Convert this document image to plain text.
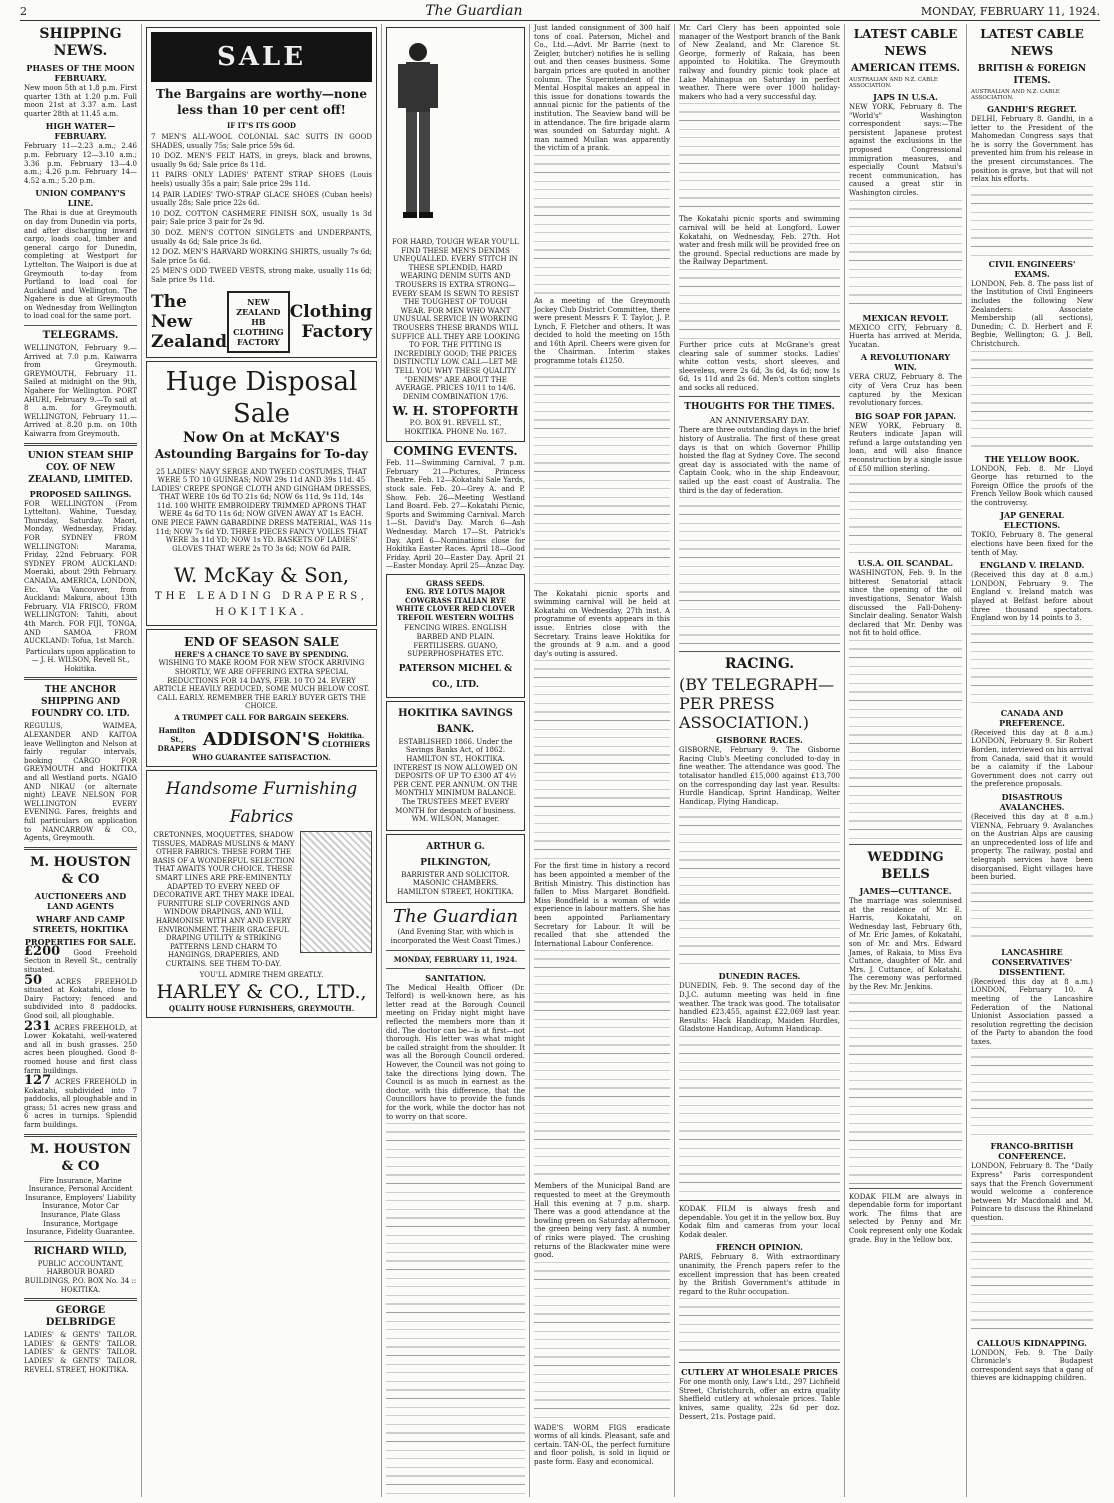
2	The Guardian	MONDAY, FEBRUARY 11, 1924.
SHIPPING NEWS.
PHASES OF THE MOON FEBRUARY.

New moon 5th at 1.8 p.m. First quarter 13th at 1.20 p.m. Full moon 21st at 3.37 a.m. Last quarter 28th at 11.45 a.m.

HIGH WATER—FEBRUARY.

February 11—2.23 a.m.; 2.46 p.m. February 12—3.10 a.m.; 3.36 p.m. February 13—4.0 a.m.; 4.26 p.m. February 14—4.52 a.m.; 5.20 p.m.

UNION COMPANY'S LINE.

The Rhai is due at Greymouth on day from Dunedin via ports, and after discharging inward cargo, loads coal, timber and general cargo for Dunedin, completing at Westport for Lyttelton. The Waipori is due at Greymouth to-day from Portland to load coal for Auckland and Wellington. The Ngahere is due at Greymouth on Wednesday from Wellington to load coal for the same port.

TELEGRAMS.

WELLINGTON, February 9.—Arrived at 7.0 p.m. Kaiwarra from Greymouth. GREYMOUTH, February 11. Sailed at midnight on the 9th, Ngahere for Wellington. PORT AHURI, February 9.—To sail at 8 a.m. for Greymouth. WELLINGTON, February 11.—Arrived at 8.20 p.m. on 10th Kaiwarra from Greymouth.

UNION STEAM SHIP COY. OF NEW ZEALAND, LIMITED.
PROPOSED SAILINGS.

FOR WELLINGTON (From Lyttelton). Wahine, Tuesday, Thursday, Saturday. Maori, Monday, Wednesday, Friday. FOR SYDNEY FROM WELLINGTON: Marama, Friday, 22nd February. FOR SYDNEY FROM AUCKLAND: Moeraki, about 29th February. CANADA, AMERICA, LONDON, Etc. Via Vancouver, from Auckland: Makura, about 13th February. VIA FRISCO, FROM WELLINGTON: Tahiti, about 4th March. FOR FIJI, TONGA, AND SAMOA FROM AUCKLAND: Tofua, 1st March.

Particulars upon application to— J. H. WILSON, Revell St., Hokitika.

THE ANCHOR SHIPPING AND FOUNDRY CO. LTD.

REGULUS, WAIMEA, ALEXANDER AND KAITOA leave Wellington and Nelson at fairly regular intervals, booking CARGO FOR GREYMOUTH and HOKITIKA and all Westland ports. NGAIO AND NIKAU (or alternate night) LEAVE NELSON FOR WELLINGTON EVERY EVENING. Fares, freights and full particulars on application to NANCARROW & CO., Agents, Greymouth.

M. HOUSTON & CO
AUCTIONEERS AND LAND AGENTS
WHARF AND CAMP STREETS, HOKITIKA
PROPERTIES FOR SALE.

£200 Good Freehold Section in Revell St., centrally situated.

50 ACRES FREEHOLD situated at Kokatahi, close to Dairy Factory; fenced and subdivided into 8 paddocks. Good soil, all ploughable.

231 ACRES FREEHOLD, at Lower Kokatahi, well-watered and all in bush grasses. 250 acres been ploughed. Good 8-roomed house and first class farm buildings.

127 ACRES FREEHOLD in Kokatahi, subdivided into 7 paddocks, all ploughable and in grass; 51 acres new grass and 6 acres in turnips. Splendid farm buildings.

M. HOUSTON & CO

Fire Insurance, Marine Insurance, Personal Accident Insurance, Employers' Liability Insurance, Motor Car Insurance, Plate Glass Insurance, Mortgage Insurance, Fidelity Guarantee.

RICHARD WILD,

PUBLIC ACCOUNTANT, HARBOUR BOARD BUILDINGS, P.O. BOX No. 34 :: HOKITIKA.

GEORGE DELBRIDGE

LADIES' & GENTS' TAILOR. LADIES' & GENTS' TAILOR. LADIES' & GENTS' TAILOR. LADIES' & GENTS' TAILOR. REVELL STREET, HOKITIKA.

SALE
The Bargains are worthy—none less than 10 per cent off!
IF IT'S ITS GOOD

7 MEN'S ALL-WOOL COLONIAL SAC SUITS IN GOOD SHADES, usually 75s; Sale price 59s 6d.

10 DOZ. MEN'S FELT HATS, in greys, black and browns, usually 9s 6d; Sale price 8s 11d.

11 PAIRS ONLY LADIES' PATENT STRAP SHOES (Louis heels) usually 35s a pair; Sale price 29s 11d.

14 PAIR LADIES' TWO-STRAP GLACE SHOES (Cuban heels) usually 28s; Sale price 22s 6d.

10 DOZ. COTTON CASHMERE FINISH SOX, usually 1s 3d pair; Sale price 3 pair for 2s 9d.

30 DOZ. MEN'S COTTON SINGLETS and UNDERPANTS, usually 4s 6d; Sale price 3s 6d.

12 DOZ. MEN'S HARVARD WORKING SHIRTS, usually 7s 6d; Sale price 5s 6d.

25 MEN'S ODD TWEED VESTS, strong make, usually 11s 6d; Sale price 9s 11d.

The New
Zealand
NEW ZEALAND HB CLOTHING FACTORY
Clothing
Factory
Huge Disposal
Sale
Now On at McKAY'S
Astounding Bargains for To-day

25 LADIES' NAVY SERGE AND TWEED COSTUMES, THAT WERE 5 TO 10 GUINEAS; NOW 29s 11d AND 39s 11d. 45 LADIES' CREPE SPONGE CLOTH AND GINGHAM DRESSES, THAT WERE 10s 6d TO 21s 6d; NOW 6s 11d, 9s 11d, 14s 11d. 100 WHITE EMBROIDERY TRIMMED APRONS THAT WERE 4s 6d TO 11s 6d; NOW GIVEN AWAY AT 1s EACH. ONE PIECE FAWN GABARDINE DRESS MATERIAL, WAS 11s 11d; NOW 7s 6d YD. THREE PIECES FANCY VOILES THAT WERE 3s 11d YD; NOW 1s YD. BASKETS OF LADIES' GLOVES THAT WERE 2s TO 3s 6d; NOW 6d PAIR.

W. McKay & Son,
THE LEADING DRAPERS,
HOKITIKA.
END OF SEASON SALE
HERE'S A CHANCE TO SAVE BY SPENDING.

WISHING TO MAKE ROOM FOR NEW STOCK ARRIVING SHORTLY, WE ARE OFFERING EXTRA SPECIAL REDUCTIONS FOR 14 DAYS, FEB. 10 TO 24. EVERY ARTICLE HEAVILY REDUCED, SOME MUCH BELOW COST. CALL EARLY. REMEMBER THE EARLY BUYER GETS THE CHOICE.

A TRUMPET CALL FOR BARGAIN SEEKERS.
Hamilton St., DRAPERS ADDISON'S	Hokitika. CLOTHIERS
WHO GUARANTEE SATISFACTION.
Handsome Furnishing Fabrics

CRETONNES, MOQUETTES, SHADOW TISSUES, MADRAS MUSLINS & MANY OTHER FABRICS. THESE FORM THE BASIS OF A WONDERFUL SELECTION THAT AWAITS YOUR CHOICE. THESE SMART LINES ARE PRE-EMINENTLY ADAPTED TO EVERY NEED OF DECORATIVE ART. THEY MAKE IDEAL FURNITURE SLIP COVERINGS AND WINDOW DRAPINGS, AND WILL HARMONISE WITH ANY AND EVERY ENVIRONMENT. THEIR GRACEFUL DRAPING UTILITY & STRIKING PATTERNS LEND CHARM TO HANGINGS, DRAPERIES, AND CURTAINS. SEE THEM TO-DAY.

YOU'LL ADMIRE THEM GREATLY.
HARLEY & CO., LTD.,
QUALITY HOUSE FURNISHERS, GREYMOUTH.

FOR HARD, TOUGH WEAR YOU'LL FIND THESE MEN'S DENIMS UNEQUALLED. EVERY STITCH IN THESE SPLENDID, HARD WEARING DENIM SUITS AND TROUSERS IS EXTRA STRONG—EVERY SEAM IS SEWN TO RESIST THE TOUGHEST OF TOUGH WEAR. FOR MEN WHO WANT UNUSUAL SERVICE IN WORKING TROUSERS THESE BRANDS WILL SUFFICE ALL THEY ARE LOOKING TO FOR. THE FITTING IS INCREDIBLY GOOD; THE PRICES DISTINCTLY LOW. CALL—LET ME TELL YOU WHY THESE QUALITY "DENIMS" ARE ABOUT THE AVERAGE. PRICES 10/11 to 14/6. DENIM COMBINATION 17/6.

W. H. STOPFORTH
P.O. BOX 91. REVELL ST., HOKITIKA. PHONE No. 167.
COMING EVENTS.

Feb. 11—Swimming Carnival, 7 p.m. February 21—Pictures, Princess Theatre. Feb. 12—Kokatahi Sale Yards, stock sale. Feb. 20—Grey A. and P. Show. Feb. 26—Meeting Westland Land Board. Feb. 27—Kokatahi Picnic, Sports and Swimming Carnival. March 1—St. David's Day. March 6—Ash Wednesday. March 17—St. Patrick's Day. April 6—Nominations close for Hokitika Easter Races. April 18—Good Friday. April 20—Easter Day. April 21—Easter Monday. April 25—Anzac Day.

GRASS SEEDS.

ENG. RYE LOTUS MAJOR COWGRASS ITALIAN RYE WHITE CLOVER RED CLOVER TREFOIL WESTERN WOLTHS

FENCING WIRES. ENGLISH BARBED AND PLAIN. FERTILISERS. GUANO, SUPERPHOSPHATES ETC.

PATERSON MICHEL & CO., LTD.
HOKITIKA SAVINGS BANK.

ESTABLISHED 1866. Under the Savings Banks Act, of 1862. HAMILTON ST., HOKITIKA. INTEREST IS NOW ALLOWED ON DEPOSITS OF UP TO £300 AT 4½ PER CENT. PER ANNUM. ON THE MONTHLY MINIMUM BALANCE. The TRUSTEES MEET EVERY MONTH for despatch of business. WM. WILSON, Manager.

ARTHUR G. PILKINGTON,

BARRISTER AND SOLICITOR. MASONIC CHAMBERS. HAMILTON STREET, HOKITIKA.

The Guardian

(And Evening Star, with which is incorporated the West Coast Times.)

MONDAY, FEBRUARY 11, 1924.
SANITATION.

The Medical Health Officer (Dr. Telford) is well-known here, as his letter read at the Borough Council meeting on Friday night might have reflected the members more than it did. The doctor can be—is at first—not thorough. His letter was what might be called straight from the shoulder. It was all the Borough Council ordered. However, the Council was not going to take the directions lying down. The Council is as much in earnest as the doctor, with this difference, that the Councillors have to provide the funds for the work, while the doctor has not to worry on that score.

Just landed consignment of 300 half tons of coal. Paterson, Michel and Co., Ltd.—Advt. Mr Barrie (next to Zeigler, butcher) notifies he is selling out and then ceases business. Some bargain prices are quoted in another column. The Superintendent of the Mental Hospital makes an appeal in this issue for donations towards the annual picnic for the patients of the institution. The Seaview band will be in attendance. The fire brigade alarm was sounded on Saturday night. A man named Mullan was apparently the victim of a prank.

As a meeting of the Greymouth Jockey Club District Committee, there were present Messrs F. T. Taylor, J. P. Lynch, F. Fletcher and others. It was decided to hold the meeting on 15th and 16th April. Cheers were given for the Chairman. Interim stakes programme totals £1250.

The Kokatahi picnic sports and swimming carnival will be held at Kokatahi on Wednesday, 27th inst. A programme of events appears in this issue. Entries close with the Secretary. Trains leave Hokitika for the grounds at 9 a.m. and a good day's outing is assured.

For the first time in history a record has been appointed a member of the British Ministry. This distinction has fallen to Miss Margaret Bondfield. Miss Bondfield is a woman of wide experience in labour matters. She has been appointed Parliamentary Secretary for Labour. It will be recalled that she attended the International Labour Conference.

Members of the Municipal Band are requested to meet at the Greymouth Hall this evening at 7 p.m. sharp. There was a good attendance at the bowling green on Saturday afternoon, the green being very fast. A number of rinks were played. The crushing returns of the Blackwater mine were good.

WADE'S WORM FIGS eradicate worms of all kinds. Pleasant, safe and certain. TAN-OL, the perfect furniture and floor polish, is sold in liquid or paste form. Easy and economical.

Mr. Carl Clery has been appointed sole manager of the Westport branch of the Bank of New Zealand, and Mr. Clarence St. George, formerly of Rakaia, has been appointed to Hokitika. The Greymouth railway and foundry picnic took place at Lake Mahinapua on Saturday in perfect weather. There were over 1000 holiday-makers who had a very successful day.

The Kokatahi picnic sports and swimming carnival will be held at Longford, Lower Kokatahi, on Wednesday, Feb. 27th. Hot water and fresh milk will be provided free on the ground. Special reductions are made by the Railway Department.

Further price cuts at McGrane's great clearing sale of summer stocks. Ladies' white cotton vests, short sleeves, and sleeveless, were 2s 6d, 3s 6d, 4s 6d; now 1s 6d, 1s 11d and 2s 6d. Men's cotton singlets and socks all reduced.

THOUGHTS FOR THE TIMES.
AN ANNIVERSARY DAY.

There are three outstanding days in the brief history of Australia. The first of these great days is that on which Governor Phillip hoisted the flag at Sydney Cove. The second great day is associated with the name of Captain Cook, who in the ship Endeavour, sailed up the east coast of Australia. The third is the day of federation.

RACING.
(BY TELEGRAPH—PER PRESS ASSOCIATION.)
GISBORNE RACES.

GISBORNE, February 9. The Gisborne Racing Club's Meeting concluded to-day in fine weather. The attendance was good. The totalisator handled £15,000 against £13,700 on the corresponding day last year. Results: Hurdle Handicap, Sprint Handicap, Welter Handicap, Flying Handicap.

DUNEDIN RACES.

DUNEDIN, Feb. 9. The second day of the D.J.C. autumn meeting was held in fine weather. The track was good. The totalisator handled £23,455, against £22,069 last year. Results: Hack Handicap, Maiden Hurdles, Gladstone Handicap, Autumn Handicap.

KODAK FILM is always fresh and dependable. You get it in the yellow box. Buy Kodak film and cameras from your local Kodak dealer.

FRENCH OPINION.

PARIS, February 8. With extraordinary unanimity, the French papers refer to the excellent impression that has been created by the British Government's attitude in regard to the Ruhr occupation.

CUTLERY AT WHOLESALE PRICES

For one month only, Law's Ltd., 297 Lichfield Street, Christchurch, offer an extra quality Sheffield cutlery at wholesale prices. Table knives, same quality, 22s 6d per doz. Dessert, 21s. Postage paid.

LATEST CABLE NEWS
AMERICAN ITEMS.
AUSTRALIAN AND N.Z. CABLE ASSOCIATION.
JAPS IN U.S.A.

NEW YORK, February 8. The "World's" Washington correspondent says:—The persistent Japanese protest against the exclusions in the proposed Congressional immigration measures, and especially Count Matsui's recent communication, has caused a great stir in Washington circles.

MEXICAN REVOLT.

MEXICO CITY, February 8. Huerta has arrived at Merida, Yucatan.

A REVOLUTIONARY WIN.

VERA CRUZ, February 8. The city of Vera Cruz has been captured by the Mexican revolutionary forces.

BIG SOAP FOR JAPAN.

NEW YORK, February 8. Reuters indicate Japan will refund a large outstanding yen loan, and will also finance reconstruction by a single issue of £50 million sterling.

U.S.A. OIL SCANDAL.

WASHINGTON, Feb. 9. In the bitterest Senatorial attack since the opening of the oil investigations, Senator Walsh discussed the Fall-Doheny-Sinclair dealing. Senator Walsh declared that Mr. Denby was not fit to hold office.

WEDDING BELLS
JAMES—CUTTANCE.

The marriage was solemnised at the residence of Mr. E. Harris, Kokatahi, on Wednesday last, February 6th, of Mr. Eric James, of Kokatahi, son of Mr. and Mrs. Edward James, of Rakaia, to Miss Eva Cuttance, daughter of Mr. and Mrs. J. Cuttance, of Kokatahi. The ceremony was performed by the Rev. Mr. Jenkins.

KODAK FILM are always in dependable form for important work. The films that are selected by Penny and Mr. Cook represent only one Kodak grade. Buy in the Yellow box.

LATEST CABLE NEWS
BRITISH & FOREIGN ITEMS.
AUSTRALIAN AND N.Z. CABLE ASSOCIATION.
GANDHI'S REGRET.

DELHI, February 8. Gandhi, in a letter to the President of the Mahomedan Congress says that he is sorry the Government has prevented him from his release in the present circumstances. The position is grave, but that will not relax his efforts.

CIVIL ENGINEERS' EXAMS.

LONDON, Feb. 8. The pass list of the Institution of Civil Engineers includes the following New Zealanders: Associate Membership (all sections), Dunedin; C. D. Herbert and F. Begbie, Wellington; G. J. Bell, Christchurch.

THE YELLOW BOOK.

LONDON, Feb. 8. Mr Lloyd George has returned to the Foreign Office the proofs of the French Yellow Book which caused the controversy.

JAP GENERAL ELECTIONS.

TOKIO, February 8. The general elections have been fixed for the tenth of May.

ENGLAND V. IRELAND.

(Received this day at 8 a.m.) LONDON, February 9. The England v. Ireland match was played at Belfast before about three thousand spectators. England won by 14 points to 3.

CANADA AND PREFERENCE.

(Received this day at 8 a.m.) LONDON, February 9. Sir Robert Borden, interviewed on his arrival from Canada, said that it would be a calamity if the Labour Government does not carry out the preference proposals.

DISASTROUS AVALANCHES.

(Received this day at 8 a.m.) VIENNA, February 9. Avalanches on the Austrian Alps are causing an unprecedented loss of life and property. The railway, postal and telegraph services have been disorganised. Eight villages have been buried.

LANCASHIRE CONSERVATIVES' DISSENTIENT.

(Received this day at 8 a.m.) LONDON, February 10. A meeting of the Lancashire Federation of the National Unionist Association passed a resolution regretting the decision of the Party to abandon the food taxes.

FRANCO-BRITISH CONFERENCE.

LONDON, February 8. The "Daily Express" Paris correspondent says that the French Government would welcome a conference between Mr Macdonald and M. Poincare to discuss the Rhineland question.

CALLOUS KIDNAPPING.

LONDON, Feb. 9. The Daily Chronicle's Budapest correspondent says that a gang of thieves are kidnapping children.
